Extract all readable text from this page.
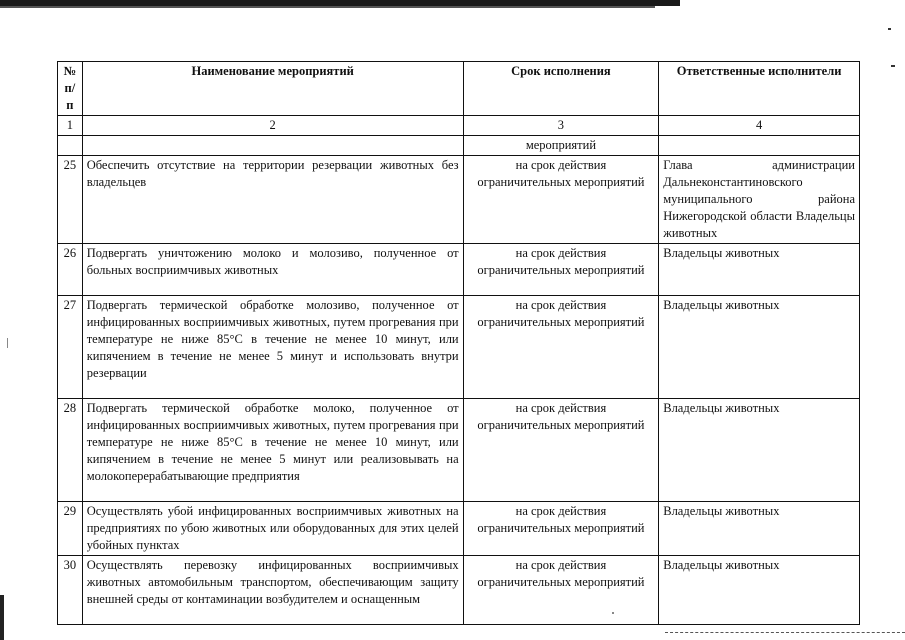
№ п/п	Наименование мероприятий	Срок исполнения	Ответственные исполнители
1	2	3	4
		мероприятий	
25	Обеспечить отсутствие на территории резервации животных без владельцев	на срок действия ограничительных мероприятий	Глава администрации Дальнеконстантиновского муниципального района Нижегородской области Владельцы животных
26	Подвергать уничтожению молоко и молозиво, полученное от больных восприимчивых животных	на срок действия ограничительных мероприятий	Владельцы животных
27	Подвергать термической обработке молозиво, полученное от инфицированных восприимчивых животных, путем прогревания при температуре не ниже 85°C в течение не менее 10 минут, или кипячением в течение не менее 5 минут и использовать внутри резервации	на срок действия ограничительных мероприятий	Владельцы животных
28	Подвергать термической обработке молоко, полученное от инфицированных восприимчивых животных, путем прогревания при температуре не ниже 85°C в течение не менее 10 минут, или кипячением в течение не менее 5 минут или реализовывать на молокоперерабатывающие предприятия	на срок действия ограничительных мероприятий	Владельцы животных
29	Осуществлять убой инфицированных восприимчивых животных на предприятиях по убою животных или оборудованных для этих целей убойных пунктах	на срок действия ограничительных мероприятий	Владельцы животных
30	Осуществлять перевозку инфицированных восприимчивых животных автомобильным транспортом, обеспечивающим защиту внешней среды от контаминации возбудителем и оснащенным	на срок действия ограничительных мероприятий	Владельцы животных
